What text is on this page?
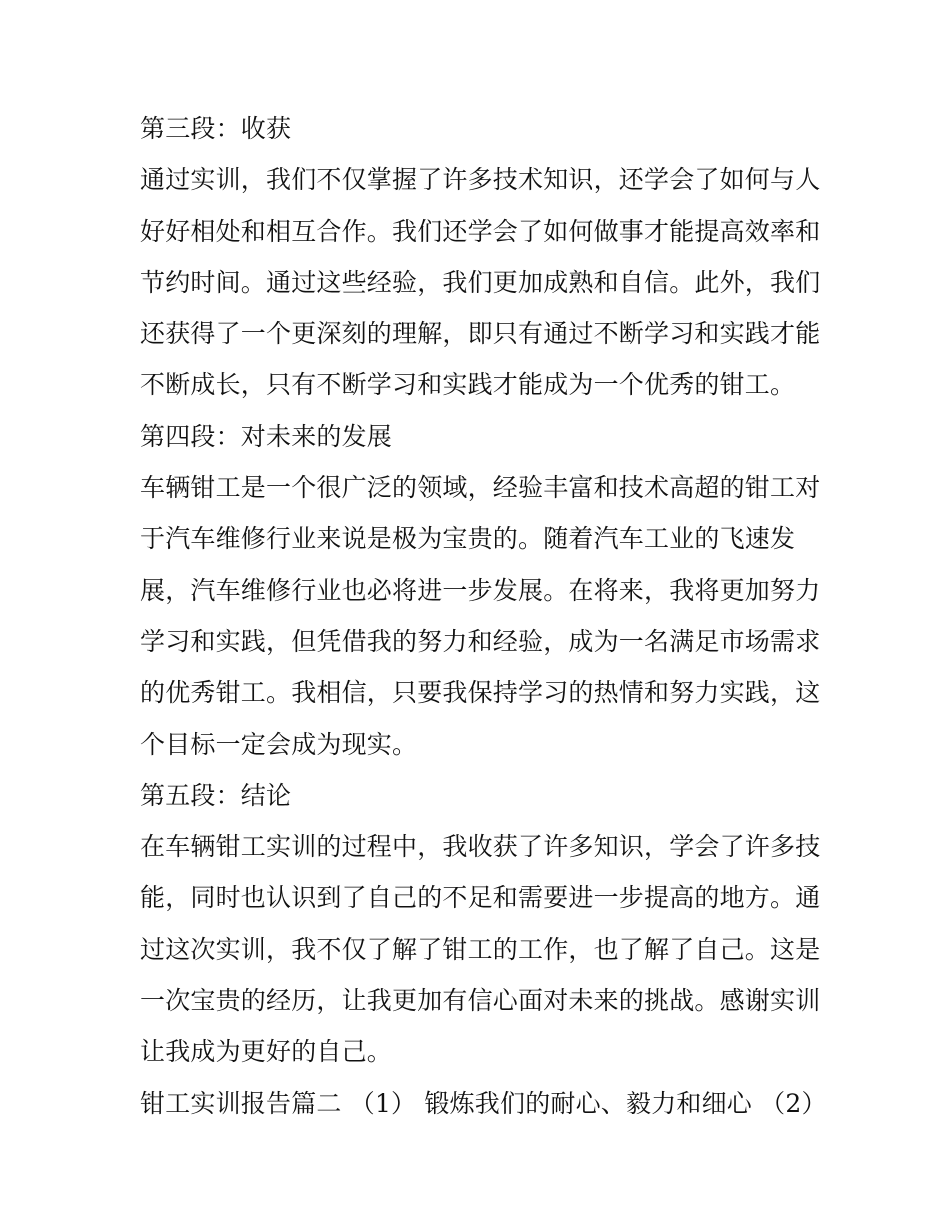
第三段：收获
通过实训，我们不仅掌握了许多技术知识，还学会了如何与人
好好相处和相互合作。我们还学会了如何做事才能提高效率和
节约时间。通过这些经验，我们更加成熟和自信。此外，我们
还获得了一个更深刻的理解，即只有通过不断学习和实践才能
不断成长，只有不断学习和实践才能成为一个优秀的钳工。
第四段：对未来的发展
车辆钳工是一个很广泛的领域，经验丰富和技术高超的钳工对
于汽车维修行业来说是极为宝贵的。随着汽车工业的飞速发
展，汽车维修行业也必将进一步发展。在将来，我将更加努力
学习和实践，但凭借我的努力和经验，成为一名满足市场需求
的优秀钳工。我相信，只要我保持学习的热情和努力实践，这
个目标一定会成为现实。
第五段：结论
在车辆钳工实训的过程中，我收获了许多知识，学会了许多技
能，同时也认识到了自己的不足和需要进一步提高的地方。通
过这次实训，我不仅了解了钳工的工作，也了解了自己。这是
一次宝贵的经历，让我更加有信心面对未来的挑战。感谢实训
让我成为更好的自己。
钳工实训报告篇二 （1） 锻炼我们的耐心、毅力和细心 （2）
